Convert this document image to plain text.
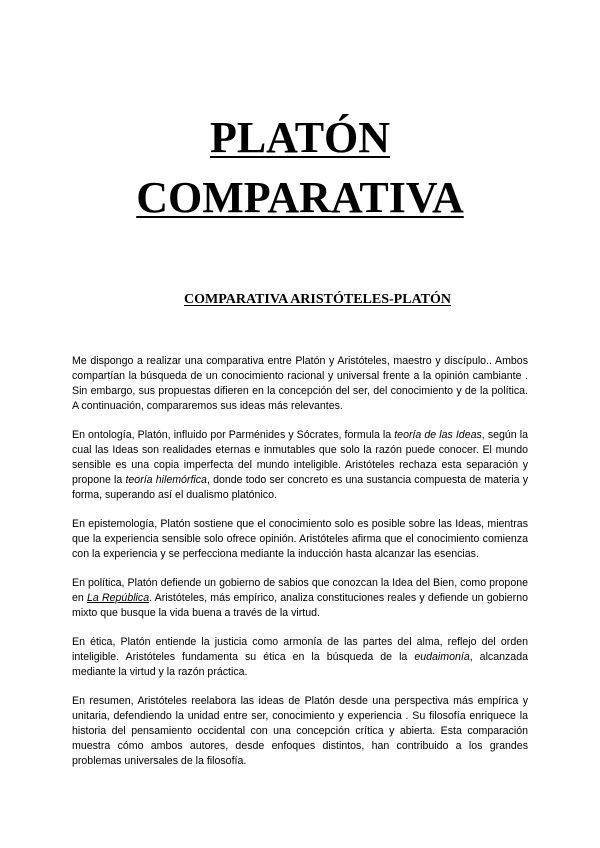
PLATÓN
COMPARATIVA
COMPARATIVA ARISTÓTELES-PLATÓN

Me dispongo a realizar una comparativa entre Platón y Aristóteles, maestro y discípulo.. Ambos compartían la búsqueda de un conocimiento racional y universal frente a la opinión cambiante . Sin embargo, sus propuestas difieren en la concepción del ser, del conocimiento y de la política. A continuación, compararemos sus ideas más relevantes.

En ontología, Platón, influido por Parménides y Sócrates, formula la teoría de las Ideas, según la cual las Ideas son realidades eternas e inmutables que solo la razón puede conocer. El mundo sensible es una copia imperfecta del mundo inteligible. Aristóteles rechaza esta separación y propone la teoría hilemórfica, donde todo ser concreto es una sustancia compuesta de materia y forma, superando así el dualismo platónico.

En epistemología, Platón sostiene que el conocimiento solo es posible sobre las Ideas, mientras que la experiencia sensible solo ofrece opinión. Aristóteles afirma que el conocimiento comienza con la experiencia y se perfecciona mediante la inducción hasta alcanzar las esencias.

En política, Platón defiende un gobierno de sabios que conozcan la Idea del Bien, como propone en La República. Aristóteles, más empírico, analiza constituciones reales y defiende un gobierno mixto que busque la vida buena a través de la virtud.

En ética, Platón entiende la justicia como armonía de las partes del alma, reflejo del orden inteligible. Aristóteles fundamenta su ética en la búsqueda de la eudaimonía, alcanzada mediante la virtud y la razón práctica.

En resumen, Aristóteles reelabora las ideas de Platón desde una perspectiva más empírica y unitaria, defendiendo la unidad entre ser, conocimiento y experiencia . Su filosofía enriquece la historia del pensamiento occidental con una concepción crítica y abierta. Esta comparación muestra cómo ambos autores, desde enfoques distintos, han contribuido a los grandes problemas universales de la filosofía.
